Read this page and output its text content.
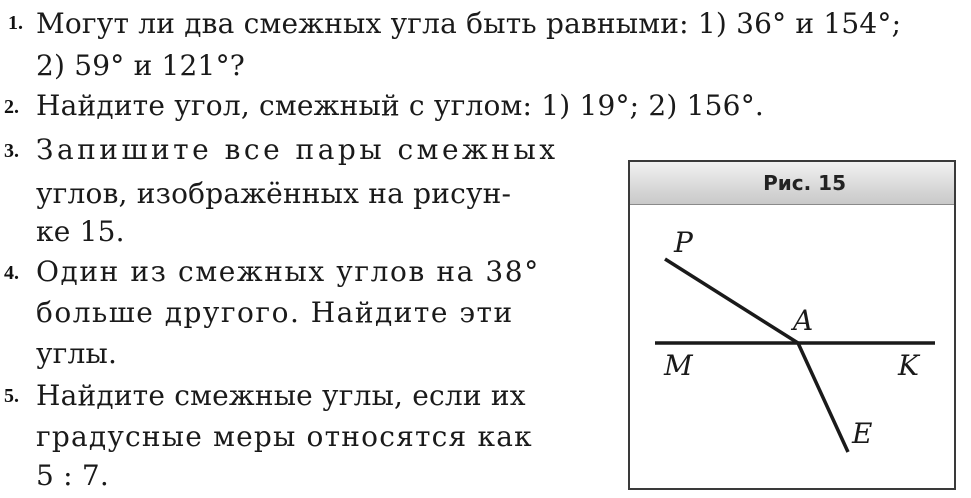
1. Могут ли два смежных угла быть равными: 1) 36° и 154°;
2) 59° и 121°?
2. Найдите угол, смежный с углом: 1) 19°; 2) 156°.
3. Запишите все пары смежных
углов, изображённых на рисун-
ке 15.
4. Один из смежных углов на 38°
больше другого. Найдите эти
углы.
5. Найдите смежные углы, если их
градусные меры относятся как
5 : 7.
Рис. 15
P
A
M	K
E
